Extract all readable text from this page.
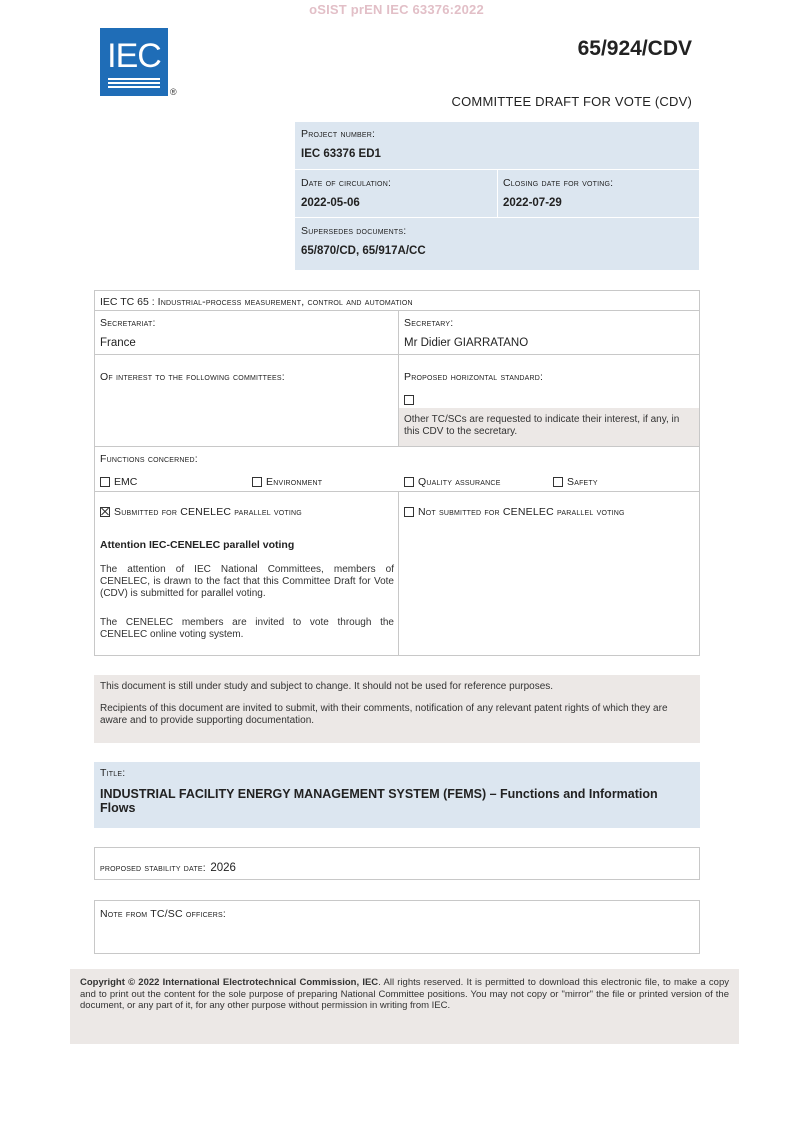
oSIST prEN IEC 63376:2022
IEC
®
65/924/CDV
COMMITTEE DRAFT FOR VOTE (CDV)
Project number:
IEC 63376 ED1
Date of circulation:
2022-05-06
Closing date for voting:
2022-07-29
Supersedes documents:
65/870/CD, 65/917A/CC
IEC TC 65 : Industrial-process measurement, control and automation
Secretariat:
France
Secretary:
Mr Didier GIARRATANO
Of interest to the following committees:	Proposed horizontal standard:
Other TC/SCs are requested to indicate their interest, if any, in this CDV to the secretary.
Functions concerned:
EMC	Environment	Quality assurance	Safety
Submitted for CENELEC parallel voting	Not submitted for CENELEC parallel voting
Attention IEC-CENELEC parallel voting
The attention of IEC National Committees, members of CENELEC, is drawn to the fact that this Committee Draft for Vote (CDV) is submitted for parallel voting.
The CENELEC members are invited to vote through the CENELEC online voting system.
This document is still under study and subject to change. It should not be used for reference purposes.
Recipients of this document are invited to submit, with their comments, notification of any relevant patent rights of which they are aware and to provide supporting documentation.
Title:
INDUSTRIAL FACILITY ENERGY MANAGEMENT SYSTEM (FEMS) – Functions and Information Flows
proposed stability date: 2026
Note from TC/SC officers:
Copyright © 2022 International Electrotechnical Commission, IEC. All rights reserved. It is permitted to download this electronic file, to make a copy and to print out the content for the sole purpose of preparing National Committee positions. You may not copy or "mirror" the file or printed version of the document, or any part of it, for any other purpose without permission in writing from IEC.
